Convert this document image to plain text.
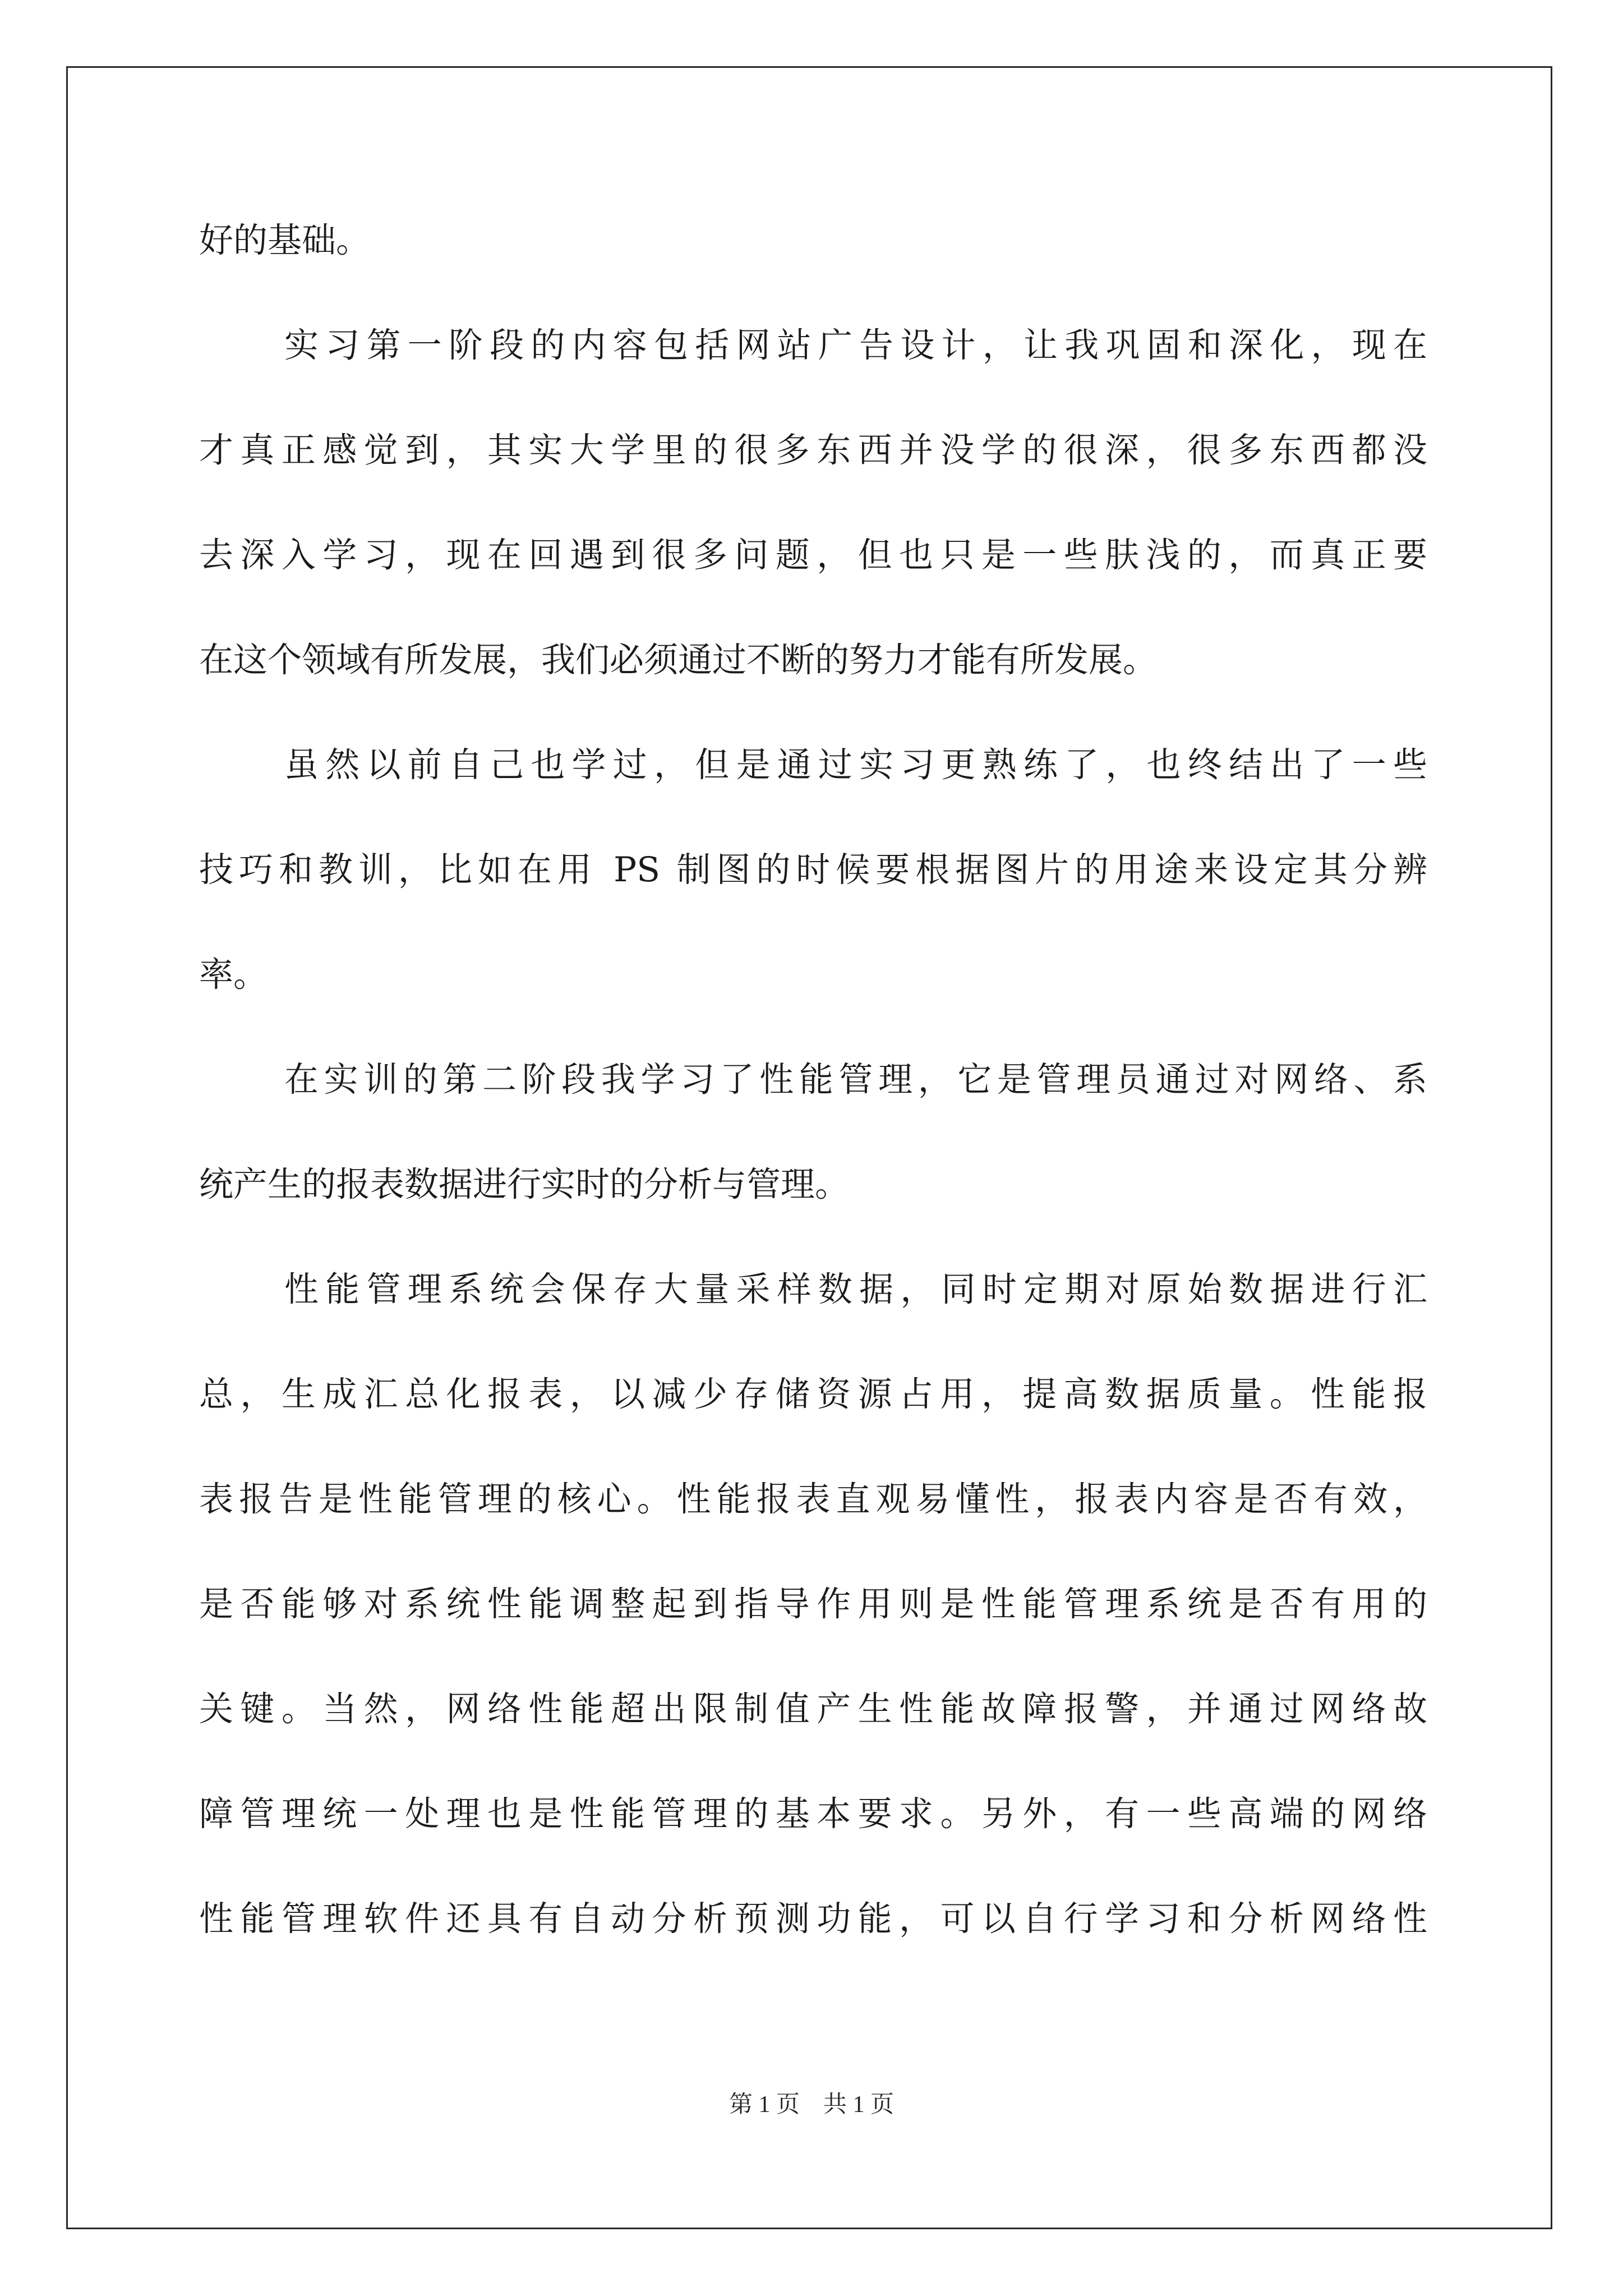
好的基础。
实习第一阶段的内容包括网站广告设计，让我巩固和深化，现在
才真正感觉到，其实大学里的很多东西并没学的很深，很多东西都没
去深入学习，现在回遇到很多问题，但也只是一些肤浅的，而真正要
在这个领域有所发展，我们必须通过不断的努力才能有所发展。
虽然以前自己也学过，但是通过实习更熟练了，也终结出了一些
技巧和教训，比如在用 PS 制图的时候要根据图片的用途来设定其分辨
率。
在实训的第二阶段我学习了性能管理，它是管理员通过对网络、系
统产生的报表数据进行实时的分析与管理。
性能管理系统会保存大量采样数据，同时定期对原始数据进行汇
总，生成汇总化报表，以减少存储资源占用，提高数据质量。性能报
表报告是性能管理的核心。性能报表直观易懂性，报表内容是否有效，
是否能够对系统性能调整起到指导作用则是性能管理系统是否有用的
关键。当然，网络性能超出限制值产生性能故障报警，并通过网络故
障管理统一处理也是性能管理的基本要求。另外，有一些高端的网络
性能管理软件还具有自动分析预测功能，可以自行学习和分析网络性
第 1 页　共 1 页
